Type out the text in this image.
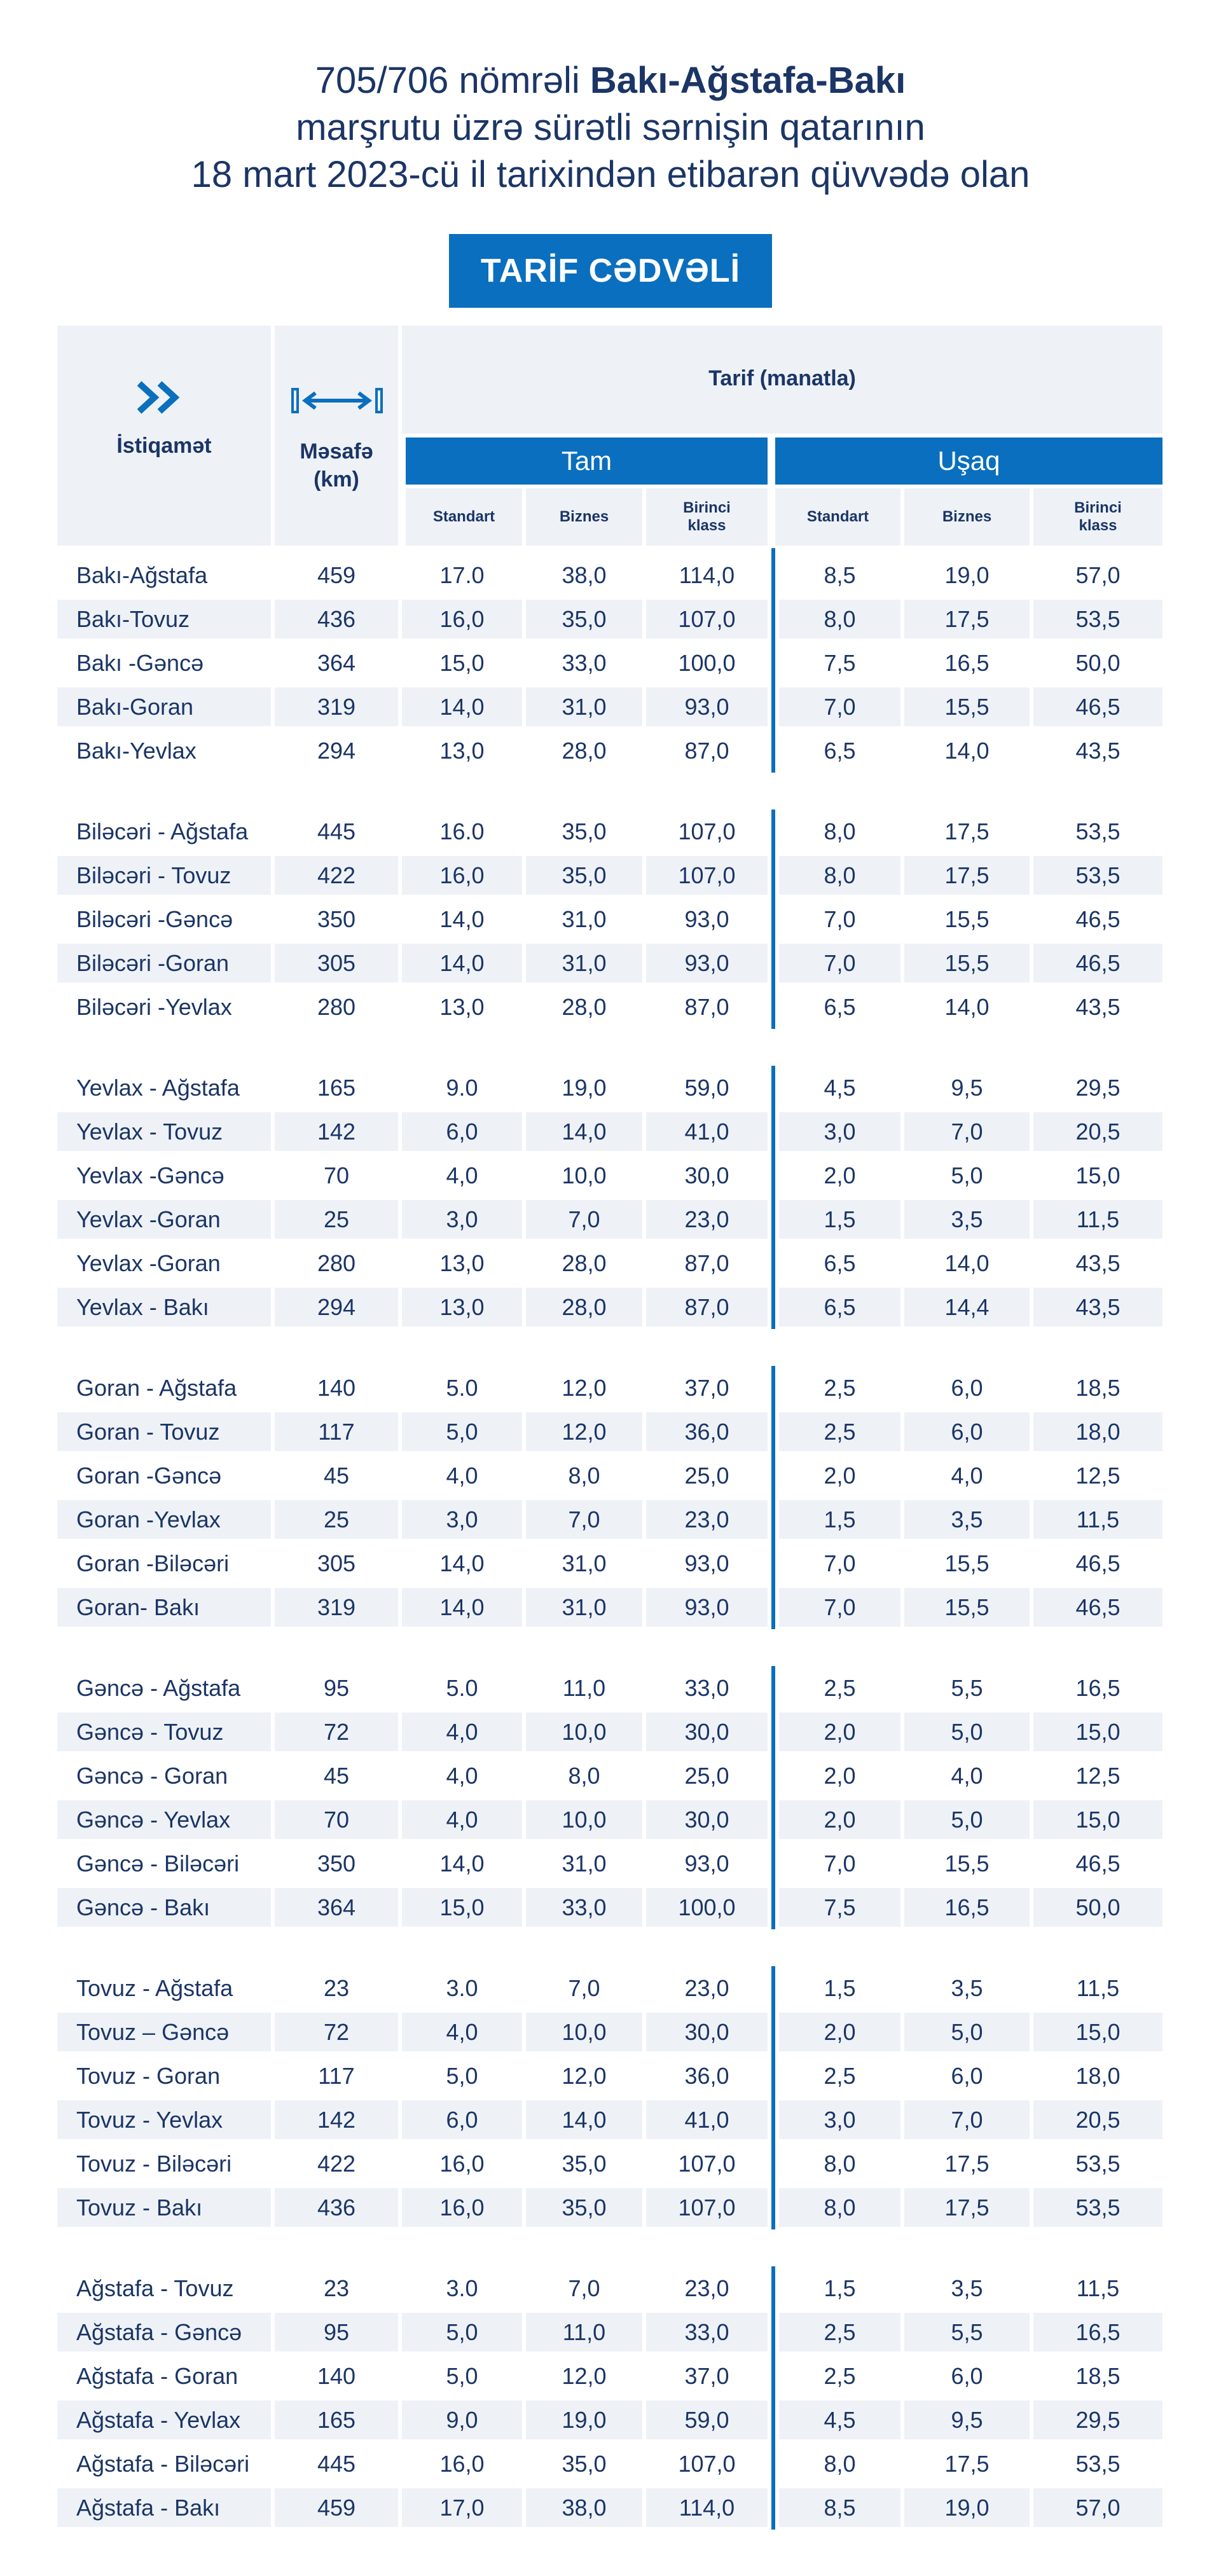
705/706 nömrəli Bakı-Ağstafa-Bakı
marşrutu üzrə sürətli sərnişin qatarının
18 mart 2023-cü il tarixindən etibarən qüvvədə olan
TARİF CƏDVƏLİ
İstiqamət	Məsafə
(km)
Tarif (manatla)
Tam	Uşaq
Standart	Biznes
Birinci
klass
Standart	Biznes
Birinci
klass
Bakı-Ağstafa	459	17.0	38,0	114,0	8,5	19,0	57,0
Bakı-Tovuz	436	16,0	35,0	107,0	8,0	17,5	53,5
Bakı -Gəncə	364	15,0	33,0	100,0	7,5	16,5	50,0
Bakı-Goran	319	14,0	31,0	93,0	7,0	15,5	46,5
Bakı-Yevlax	294	13,0	28,0	87,0	6,5	14,0	43,5
Biləcəri - Ağstafa	445	16.0	35,0	107,0	8,0	17,5	53,5
Biləcəri - Tovuz	422	16,0	35,0	107,0	8,0	17,5	53,5
Biləcəri -Gəncə	350	14,0	31,0	93,0	7,0	15,5	46,5
Biləcəri -Goran	305	14,0	31,0	93,0	7,0	15,5	46,5
Biləcəri -Yevlax	280	13,0	28,0	87,0	6,5	14,0	43,5
Yevlax - Ağstafa	165	9.0	19,0	59,0	4,5	9,5	29,5
Yevlax - Tovuz	142	6,0	14,0	41,0	3,0	7,0	20,5
Yevlax -Gəncə	70	4,0	10,0	30,0	2,0	5,0	15,0
Yevlax -Goran	25	3,0	7,0	23,0	1,5	3,5	11,5
Yevlax -Goran	280	13,0	28,0	87,0	6,5	14,0	43,5
Yevlax - Bakı	294	13,0	28,0	87,0	6,5	14,4	43,5
Goran - Ağstafa	140	5.0	12,0	37,0	2,5	6,0	18,5
Goran - Tovuz	117	5,0	12,0	36,0	2,5	6,0	18,0
Goran -Gəncə	45	4,0	8,0	25,0	2,0	4,0	12,5
Goran -Yevlax	25	3,0	7,0	23,0	1,5	3,5	11,5
Goran -Biləcəri	305	14,0	31,0	93,0	7,0	15,5	46,5
Goran- Bakı	319	14,0	31,0	93,0	7,0	15,5	46,5
Gəncə - Ağstafa	95	5.0	11,0	33,0	2,5	5,5	16,5
Gəncə - Tovuz	72	4,0	10,0	30,0	2,0	5,0	15,0
Gəncə - Goran	45	4,0	8,0	25,0	2,0	4,0	12,5
Gəncə - Yevlax	70	4,0	10,0	30,0	2,0	5,0	15,0
Gəncə - Biləcəri	350	14,0	31,0	93,0	7,0	15,5	46,5
Gəncə - Bakı	364	15,0	33,0	100,0	7,5	16,5	50,0
Tovuz - Ağstafa	23	3.0	7,0	23,0	1,5	3,5	11,5
Tovuz – Gəncə	72	4,0	10,0	30,0	2,0	5,0	15,0
Tovuz - Goran	117	5,0	12,0	36,0	2,5	6,0	18,0
Tovuz - Yevlax	142	6,0	14,0	41,0	3,0	7,0	20,5
Tovuz - Biləcəri	422	16,0	35,0	107,0	8,0	17,5	53,5
Tovuz - Bakı	436	16,0	35,0	107,0	8,0	17,5	53,5
Ağstafa - Tovuz	23	3.0	7,0	23,0	1,5	3,5	11,5
Ağstafa - Gəncə	95	5,0	11,0	33,0	2,5	5,5	16,5
Ağstafa - Goran	140	5,0	12,0	37,0	2,5	6,0	18,5
Ağstafa - Yevlax	165	9,0	19,0	59,0	4,5	9,5	29,5
Ağstafa - Biləcəri	445	16,0	35,0	107,0	8,0	17,5	53,5
Ağstafa - Bakı	459	17,0	38,0	114,0	8,5	19,0	57,0
